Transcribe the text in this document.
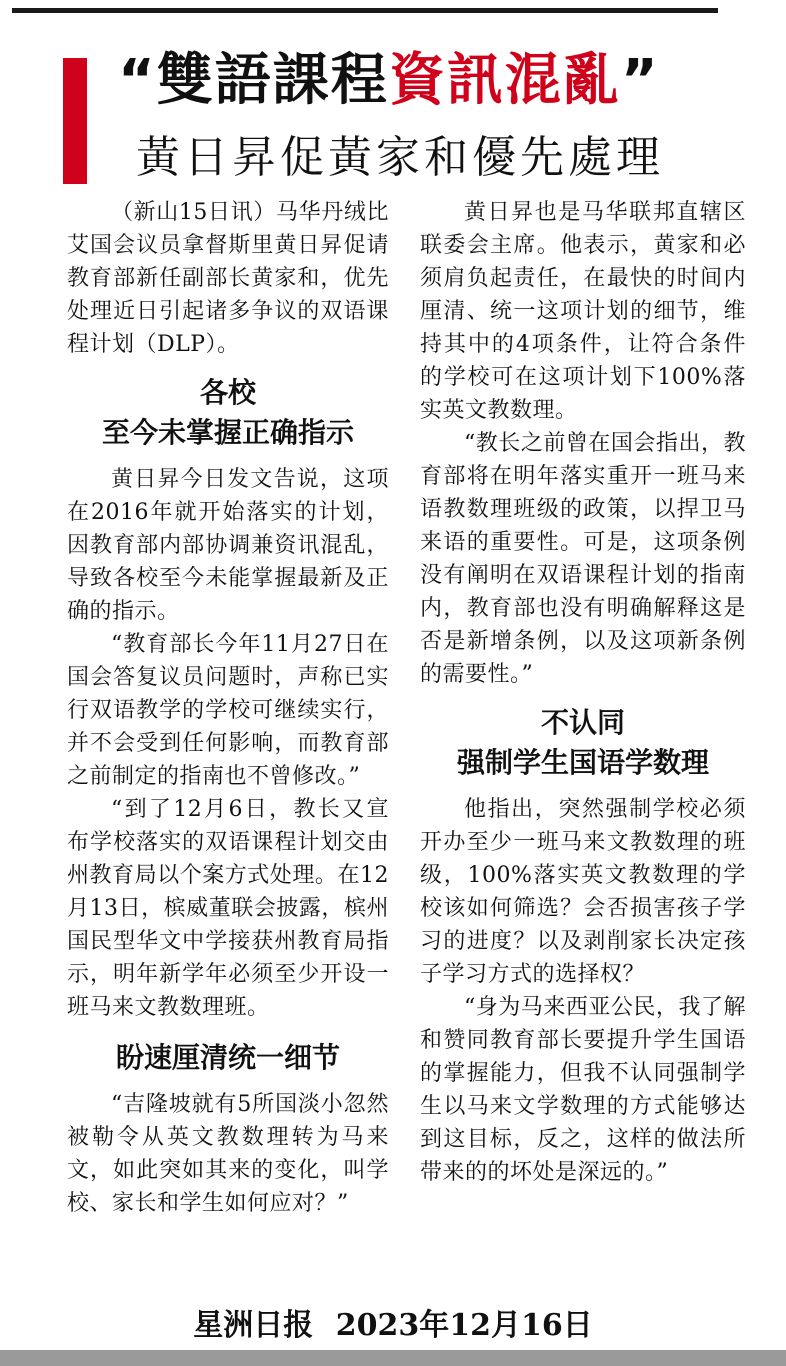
“雙語課程資訊混亂”
黃日昇促黃家和優先處理

（新山15日讯）马华丹绒比艾国会议员拿督斯里黄日昇促请教育部新任副部长黄家和，优先处理近日引起诸多争议的双语课程计划（DLP）。

各校
至今未掌握正确指示

黄日昇今日发文告说，这项在2016年就开始落实的计划，因教育部内部协调兼资讯混乱，导致各校至今未能掌握最新及正确的指示。

“教育部长今年11月27日在国会答复议员问题时，声称已实行双语教学的学校可继续实行，并不会受到任何影响，而教育部之前制定的指南也不曾修改。”

“到了12月6日，教长又宣布学校落实的双语课程计划交由州教育局以个案方式处理。在12月13日，槟威董联会披露，槟州国民型华文中学接获州教育局指示，明年新学年必须至少开设一班马来文教数理班。

盼速厘清统一细节

“吉隆坡就有5所国淡小忽然被勒令从英文教数理转为马来文，如此突如其来的变化，叫学校、家长和学生如何应对？”

黄日昇也是马华联邦直辖区联委会主席。他表示，黄家和必须肩负起责任，在最快的时间内厘清、统一这项计划的细节，维持其中的4项条件，让符合条件的学校可在这项计划下100%落实英文教数理。

“教长之前曾在国会指出，教育部将在明年落实重开一班马来语教数理班级的政策，以捍卫马来语的重要性。可是，这项条例没有阐明在双语课程计划的指南内，教育部也没有明确解释这是否是新增条例，以及这项新条例的需要性。”

不认同
强制学生国语学数理

他指出，突然强制学校必须开办至少一班马来文教数理的班级，100%落实英文教数理的学校该如何筛选？会否损害孩子学习的进度？以及剥削家长决定孩子学习方式的选择权？

“身为马来西亚公民，我了解和赞同教育部长要提升学生国语的掌握能力，但我不认同强制学生以马来文学数理的方式能够达到这目标，反之，这样的做法所带来的的坏处是深远的。”

星洲日报 2023年12月16日
